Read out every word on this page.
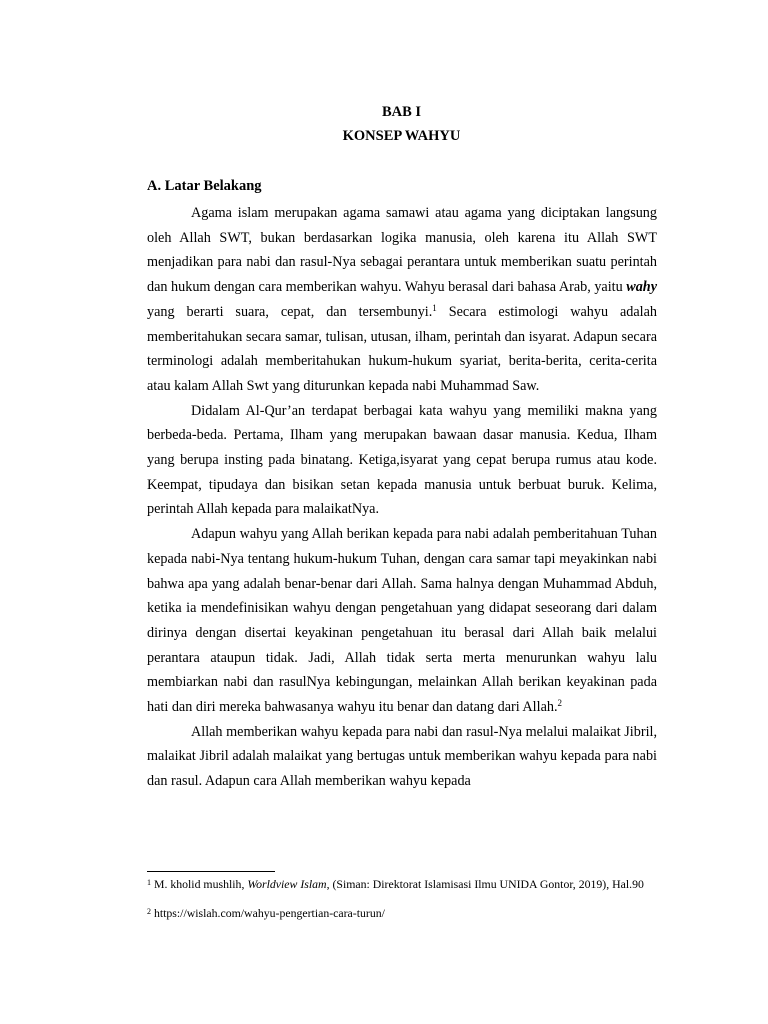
BAB I
KONSEP WAHYU
A. Latar Belakang

Agama islam merupakan agama samawi atau agama yang diciptakan langsung oleh Allah SWT, bukan berdasarkan logika manusia, oleh karena itu Allah SWT menjadikan para nabi dan rasul-Nya sebagai perantara untuk memberikan suatu perintah dan hukum dengan cara memberikan wahyu. Wahyu berasal dari bahasa Arab, yaitu wahy yang berarti suara, cepat, dan tersembunyi.$^1$ Secara estimologi wahyu adalah memberitahukan secara samar, tulisan, utusan, ilham, perintah dan isyarat. Adapun secara terminologi adalah memberitahukan hukum-hukum syariat, berita-berita, cerita-cerita atau kalam Allah Swt yang diturunkan kepada nabi Muhammad Saw.

Didalam Al-Qur’an terdapat berbagai kata wahyu yang memiliki makna yang berbeda-beda. Pertama, Ilham yang merupakan bawaan dasar manusia. Kedua, Ilham yang berupa insting pada binatang. Ketiga,isyarat yang cepat berupa rumus atau kode. Keempat, tipudaya dan bisikan setan kepada manusia untuk berbuat buruk. Kelima, perintah Allah kepada para malaikatNya.

Adapun wahyu yang Allah berikan kepada para nabi adalah pemberitahuan Tuhan kepada nabi-Nya tentang hukum-hukum Tuhan, dengan cara samar tapi meyakinkan nabi bahwa apa yang adalah benar-benar dari Allah. Sama halnya dengan Muhammad Abduh, ketika ia mendefinisikan wahyu dengan pengetahuan yang didapat seseorang dari dalam dirinya dengan disertai keyakinan pengetahuan itu berasal dari Allah baik melalui perantara ataupun tidak. Jadi, Allah tidak serta merta menurunkan wahyu lalu membiarkan nabi dan rasulNya kebingungan, melainkan Allah berikan keyakinan pada hati dan diri mereka bahwasanya wahyu itu benar dan datang dari Allah.$^2$

Allah memberikan wahyu kepada para nabi dan rasul-Nya melalui malaikat Jibril, malaikat Jibril adalah malaikat yang bertugas untuk memberikan wahyu kepada para nabi dan rasul. Adapun cara Allah memberikan wahyu kepada

$^1$ M. kholid mushlih, Worldview Islam, (Siman: Direktorat Islamisasi Ilmu UNIDA Gontor, 2019), Hal.90
$^2$ https://wislah.com/wahyu-pengertian-cara-turun/
